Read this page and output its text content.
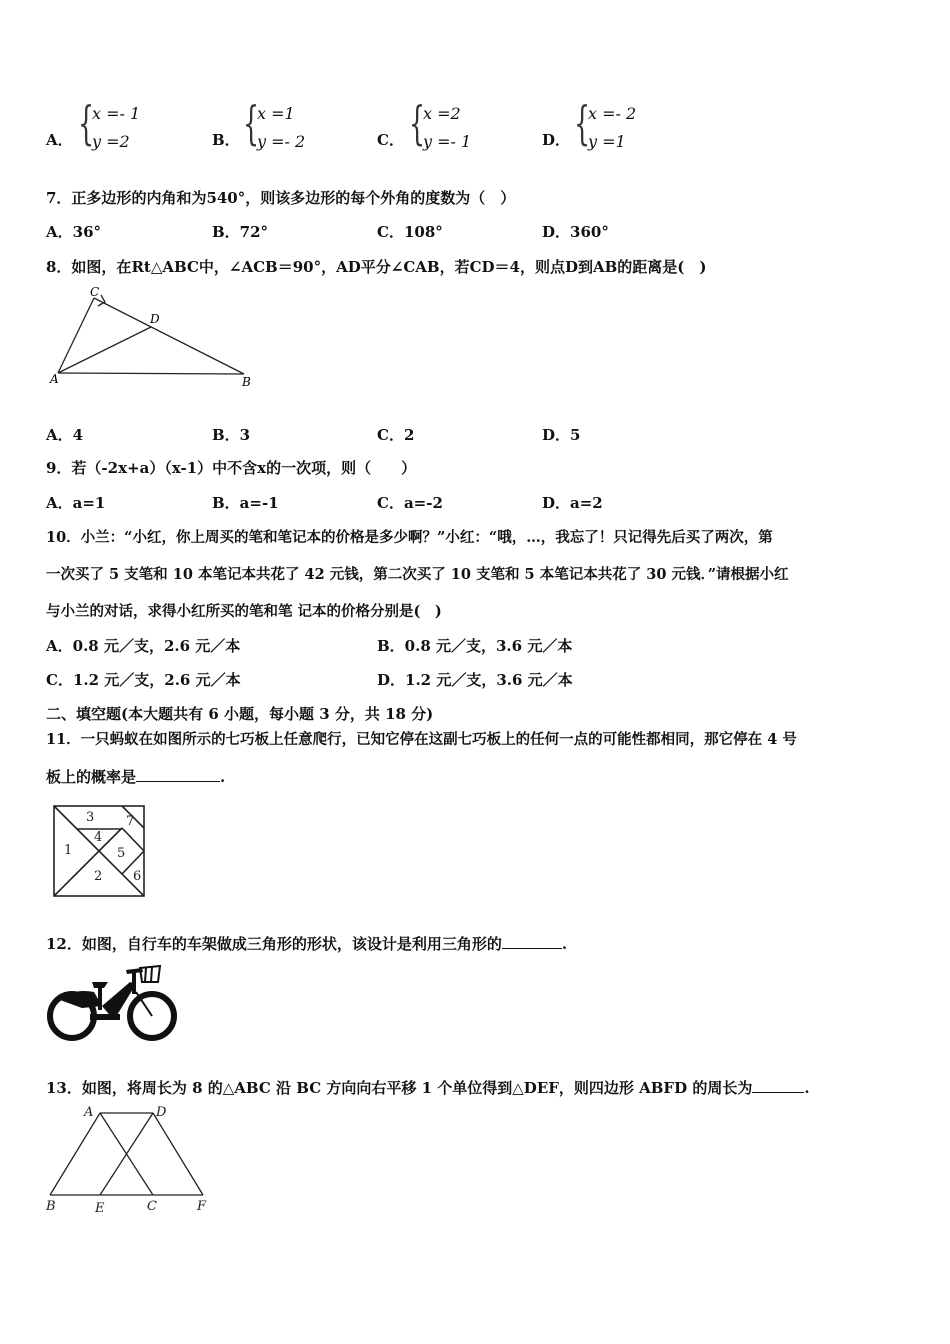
A． {
x =- 1
y =2	B． {
x =1
y =- 2	C． {
x =2
y =- 1	D． {
x =- 2
y =1
7．正多边形的内角和为540°，则该多边形的每个外角的度数为（　）
A．36°	B．72°	C．108°	D．360°
8．如图，在Rt△ABC中，∠ACB＝90°，AD平分∠CAB，若CD＝4，则点D到AB的距离是(　)
C
D
A	B
A．4	B．3	C．2	D．5
9．若（-2x+a）（x-1）中不含x的一次项，则（　　）
A．a=1	B．a=-1	C．a=-2	D．a=2
10．小兰：“小红，你上周买的笔和笔记本的价格是多少啊？”小红：“哦，…，我忘了！只记得先后买了两次，第
一次买了 5 支笔和 10 本笔记本共花了 42 元钱，第二次买了 10 支笔和 5 本笔记本共花了 30 元钱．”请根据小红
与小兰的对话，求得小红所买的笔和笔 记本的价格分别是(　)
A．0.8 元／支，2.6 元／本	B．0.8 元／支，3.6 元／本
C．1.2 元／支，2.6 元／本	D．1.2 元／支，3.6 元／本
二、填空题(本大题共有 6 小题，每小题 3 分，共 18 分)
11．一只蚂蚁在如图所示的七巧板上任意爬行，已知它停在这副七巧板上的任何一点的可能性都相同，那它停在 4 号
板上的概率是	.
3 7
4
1	5
2 6
12．如图，自行车的车架做成三角形的形状，该设计是利用三角形的	.
13．如图，将周长为 8 的△ABC 沿 BC 方向向右平移 1 个单位得到△DEF，则四边形 ABFD 的周长为	.
A	D
B	E	C	F
